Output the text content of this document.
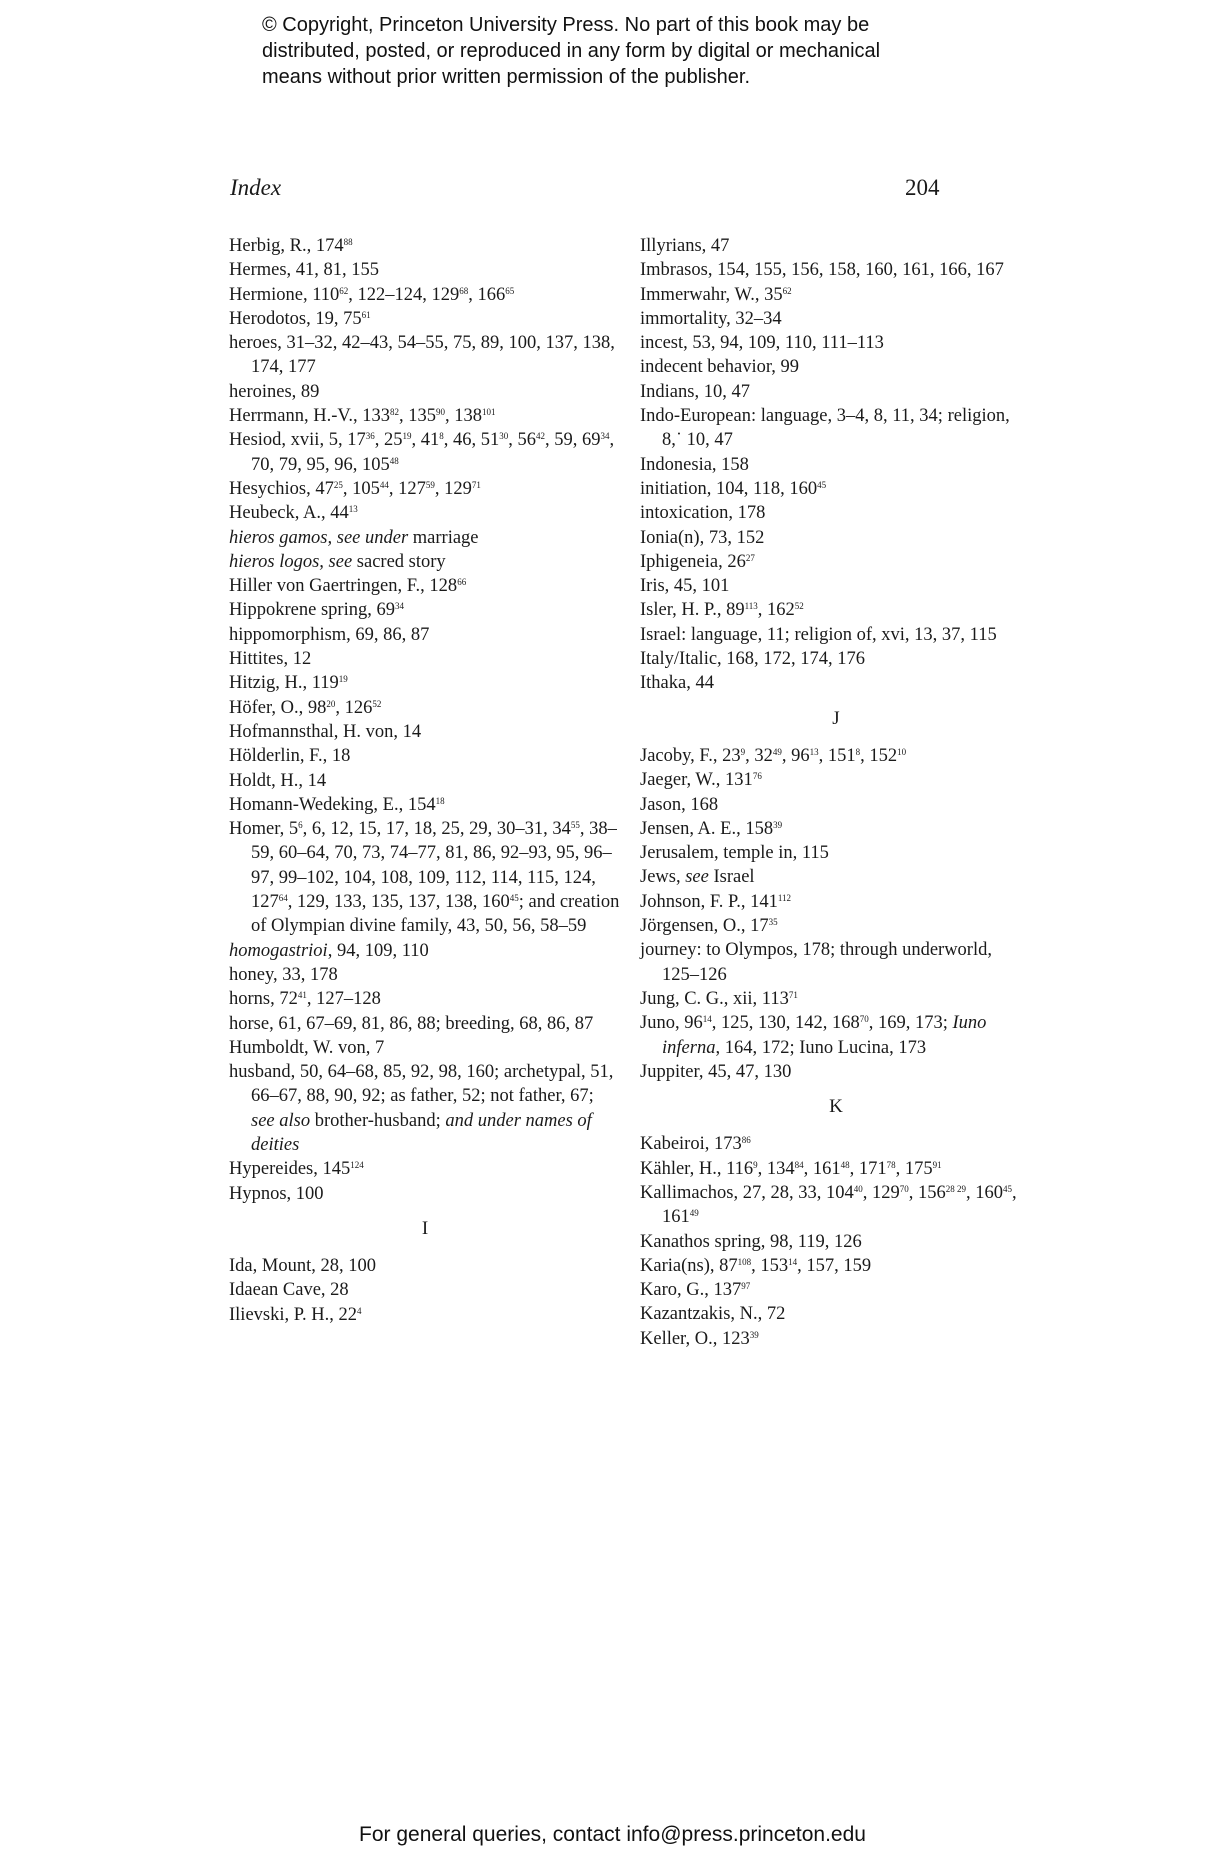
© Copyright, Princeton University Press. No part of this book may be
distributed, posted, or reproduced in any form by digital or mechanical
means without prior written permission of the publisher.
Index	204
Herbig, R., $174^{88}$
Hermes, 41, 81, 155
Hermione, $110^{62}$, 122–124, $129^{68}$, $166^{65}$
Herodotos, 19, $75^{61}$
heroes, 31–32, 42–43, 54–55, 75, 89, 100, 137, 138, 174, 177
heroines, 89
Herrmann, H.-V., $133^{82}$, $135^{90}$, $138^{101}$
Hesiod, xvii, 5, $17^{36}$, $25^{19}$, $41^8$, 46, $51^{30}$, $56^{42}$, 59, $69^{34}$, 70, 79, 95, 96, $105^{48}$
Hesychios, $47^{25}$, $105^{44}$, $127^{59}$, $129^{71}$
Heubeck, A., $44^{13}$
hieros gamos, see under marriage
hieros logos, see sacred story
Hiller von Gaertringen, F., $128^{66}$
Hippokrene spring, $69^{34}$
hippomorphism, 69, 86, 87
Hittites, 12
Hitzig, H., $119^{19}$
Höfer, O., $98^{20}$, $126^{52}$
Hofmannsthal, H. von, 14
Hölderlin, F., 18
Holdt, H., 14
Homann-Wedeking, E., $154^{18}$
Homer, $5^6$, 6, 12, 15, 17, 18, 25, 29, 30–31, $34^{55}$, 38–59, 60–64, 70, 73, 74–77, 81, 86, 92–93, 95, 96–97, 99–102, 104, 108, 109, 112, 114, 115, 124, $127^{64}$, 129, 133, 135, 137, 138, $160^{45}$; and creation of Olympian divine family, 43, 50, 56, 58–59
homogastrioi, 94, 109, 110
honey, 33, 178
horns, $72^{41}$, 127–128
horse, 61, 67–69, 81, 86, 88; breeding, 68, 86, 87
Humboldt, W. von, 7
husband, 50, 64–68, 85, 92, 98, 160; archetypal, 51, 66–67, 88, 90, 92; as father, 52; not father, 67; see also brother-husband; and under names of deities
Hypereides, $145^{124}$
Hypnos, 100
I
Ida, Mount, 28, 100
Idaean Cave, 28
Ilievski, P. H., $22^4$
Illyrians, 47
Imbrasos, 154, 155, 156, 158, 160, 161, 166, 167
Immerwahr, W., $35^{62}$
immortality, 32–34
incest, 53, 94, 109, 110, 111–113
indecent behavior, 99
Indians, 10, 47
Indo-European: language, 3–4, 8, 11, 34; religion, 8,˙ 10, 47
Indonesia, 158
initiation, 104, 118, $160^{45}$
intoxication, 178
Ionia(n), 73, 152
Iphigeneia, $26^{27}$
Iris, 45, 101
Isler, H. P., $89^{113}$, $162^{52}$
Israel: language, 11; religion of, xvi, 13, 37, 115
Italy/Italic, 168, 172, 174, 176
Ithaka, 44
J
Jacoby, F., $23^9$, $32^{49}$, $96^{13}$, $151^8$, $152^{10}$
Jaeger, W., $131^{76}$
Jason, 168
Jensen, A. E., $158^{39}$
Jerusalem, temple in, 115
Jews, see Israel
Johnson, F. P., $141^{112}$
Jörgensen, O., $17^{35}$
journey: to Olympos, 178; through underworld, 125–126
Jung, C. G., xii, $113^{71}$
Juno, $96^{14}$, 125, 130, 142, $168^{70}$, 169, 173; Iuno inferna, 164, 172; Iuno Lucina, 173
Juppiter, 45, 47, 130
K
Kabeiroi, $173^{86}$
Kähler, H., $116^9$, $134^{84}$, $161^{48}$, $171^{78}$, $175^{91}$
Kallimachos, 27, 28, 33, $104^{40}$, $129^{70}$, $156^{28 29}$, $160^{45}$, $161^{49}$
Kanathos spring, 98, 119, 126
Karia(ns), $87^{108}$, $153^{14}$, 157, 159
Karo, G., $137^{97}$
Kazantzakis, N., 72
Keller, O., $123^{39}$
For general queries, contact info@press.princeton.edu
